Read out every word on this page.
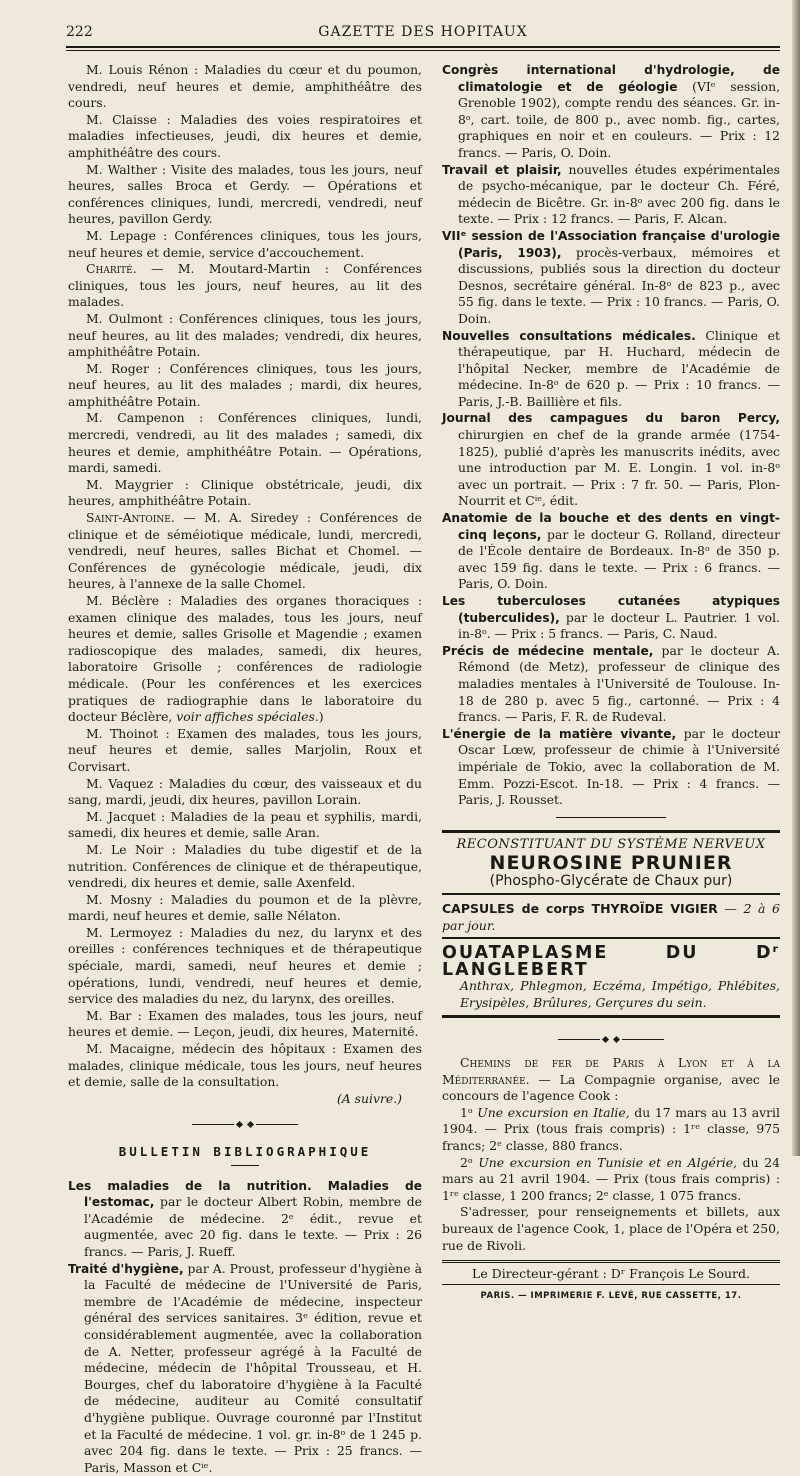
222	GAZETTE DES HOPITAUX

M. Louis Rénon : Maladies du cœur et du poumon, vendredi, neuf heures et demie, amphithéâtre des cours.

M. Claisse : Maladies des voies respiratoires et maladies infectieuses, jeudi, dix heures et demie, amphithéâtre des cours.

M. Walther : Visite des malades, tous les jours, neuf heures, salles Broca et Gerdy. — Opérations et conférences cliniques, lundi, mercredi, vendredi, neuf heures, pavillon Gerdy.

M. Lepage : Conférences cliniques, tous les jours, neuf heures et demie, service d'accouchement.

Charité. — M. Moutard-Martin : Conférences cliniques, tous les jours, neuf heures, au lit des malades.

M. Oulmont : Conférences cliniques, tous les jours, neuf heures, au lit des malades; vendredi, dix heures, amphithéâtre Potain.

M. Roger : Conférences cliniques, tous les jours, neuf heures, au lit des malades ; mardi, dix heures, amphithéâtre Potain.

M. Campenon : Conférences cliniques, lundi, mercredi, vendredi, au lit des malades ; samedi, dix heures et demie, amphithéâtre Potain. — Opérations, mardi, samedi.

M. Maygrier : Clinique obstétricale, jeudi, dix heures, amphithéâtre Potain.

Saint-Antoine. — M. A. Siredey : Conférences de clinique et de séméiotique médicale, lundi, mercredi, vendredi, neuf heures, salles Bichat et Chomel. — Conférences de gynécologie médicale, jeudi, dix heures, à l'annexe de la salle Chomel.

M. Béclère : Maladies des organes thoraciques : examen clinique des malades, tous les jours, neuf heures et demie, salles Grisolle et Magendie ; examen radioscopique des malades, samedi, dix heures, laboratoire Grisolle ; conférences de radiologie médicale. (Pour les conférences et les exercices pratiques de radiographie dans le laboratoire du docteur Béclère, voir affiches spéciales.)

M. Thoinot : Examen des malades, tous les jours, neuf heures et demie, salles Marjolin, Roux et Corvisart.

M. Vaquez : Maladies du cœur, des vaisseaux et du sang, mardi, jeudi, dix heures, pavillon Lorain.

M. Jacquet : Maladies de la peau et syphilis, mardi, samedi, dix heures et demie, salle Aran.

M. Le Noir : Maladies du tube digestif et de la nutrition. Conférences de clinique et de thérapeutique, vendredi, dix heures et demie, salle Axenfeld.

M. Mosny : Maladies du poumon et de la plèvre, mardi, neuf heures et demie, salle Nélaton.

M. Lermoyez : Maladies du nez, du larynx et des oreilles : conférences techniques et de thérapeutique spéciale, mardi, samedi, neuf heures et demie ; opérations, lundi, vendredi, neuf heures et demie, service des maladies du nez, du larynx, des oreilles.

M. Bar : Examen des malades, tous les jours, neuf heures et demie. — Leçon, jeudi, dix heures, Maternité.

M. Macaigne, médecin des hôpitaux : Examen des malades, clinique médicale, tous les jours, neuf heures et demie, salle de la consultation.

(A suivre.)

BULLETIN BIBLIOGRAPHIQUE

Les maladies de la nutrition. Maladies de l'estomac, par le docteur Albert Robin, membre de l'Académie de médecine. 2ᵉ édit., revue et augmentée, avec 20 fig. dans le texte. — Prix : 26 francs. — Paris, J. Rueff.

Traité d'hygiène, par A. Proust, professeur d'hygiène à la Faculté de médecine de l'Université de Paris, membre de l'Académie de médecine, inspecteur général des services sanitaires. 3ᵉ édition, revue et considérablement augmentée, avec la collaboration de A. Netter, professeur agrégé à la Faculté de médecine, médecin de l'hôpital Trousseau, et H. Bourges, chef du laboratoire d'hygiène à la Faculté de médecine, auditeur au Comité consultatif d'hygiène publique. Ouvrage couronné par l'Institut et la Faculté de médecine. 1 vol. gr. in-8ᵒ de 1 245 p. avec 204 fig. dans le texte. — Prix : 25 francs. — Paris, Masson et Cⁱᵉ.

Congrès international d'hydrologie, de climatologie et de géologie (VIᵉ session, Grenoble 1902), compte rendu des séances. Gr. in-8ᵒ, cart. toile, de 800 p., avec nomb. fig., cartes, graphiques en noir et en couleurs. — Prix : 12 francs. — Paris, O. Doin.

Travail et plaisir, nouvelles études expérimentales de psycho-mécanique, par le docteur Ch. Féré, médecin de Bicêtre. Gr. in-8ᵒ avec 200 fig. dans le texte. — Prix : 12 francs. — Paris, F. Alcan.

VIIᵉ session de l'Association française d'urologie (Paris, 1903), procès-verbaux, mémoires et discussions, publiés sous la direction du docteur Desnos, secrétaire général. In-8ᵒ de 823 p., avec 55 fig. dans le texte. — Prix : 10 francs. — Paris, O. Doin.

Nouvelles consultations médicales. Clinique et thérapeutique, par H. Huchard, médecin de l'hôpital Necker, membre de l'Académie de médecine. In-8ᵒ de 620 p. — Prix : 10 francs. — Paris, J.-B. Baillière et fils.

Journal des campagues du baron Percy, chirurgien en chef de la grande armée (1754-1825), publié d'après les manuscrits inédits, avec une introduction par M. E. Longin. 1 vol. in-8ᵒ avec un portrait. — Prix : 7 fr. 50. — Paris, Plon-Nourrit et Cⁱᵉ, édit.

Anatomie de la bouche et des dents en vingt-cinq leçons, par le docteur G. Rolland, directeur de l'École dentaire de Bordeaux. In-8ᵒ de 350 p. avec 159 fig. dans le texte. — Prix : 6 francs. — Paris, O. Doin.

Les tuberculoses cutanées atypiques (tuberculides), par le docteur L. Pautrier. 1 vol. in-8ᵒ. — Prix : 5 francs. — Paris, C. Naud.

Précis de médecine mentale, par le docteur A. Rémond (de Metz), professeur de clinique des maladies mentales à l'Université de Toulouse. In-18 de 280 p. avec 5 fig., cartonné. — Prix : 4 francs. — Paris, F. R. de Rudeval.

L'énergie de la matière vivante, par le docteur Oscar Lœw, professeur de chimie à l'Université impériale de Tokio, avec la collaboration de M. Emm. Pozzi-Escot. In-18. — Prix : 4 francs. — Paris, J. Rousset.

RECONSTITUANT DU SYSTÈME NERVEUX
NEUROSINE PRUNIER
(Phospho-Glycérate de Chaux pur)
CAPSULES de corps THYROÏDE VIGIER — 2 à 6 par jour.
OUATAPLASME DU Dʳ LANGLEBERT
Anthrax, Phlegmon, Eczéma, Impétigo, Phlébites, Erysipèles, Brûlures, Gerçures du sein.

Chemins de fer de Paris à Lyon et à la Méditerranée. — La Compagnie organise, avec le concours de l'agence Cook :

1ᵒ Une excursion en Italie, du 17 mars au 13 avril 1904. — Prix (tous frais compris) : 1ʳᵉ classe, 975 francs; 2ᵉ classe, 880 francs.

2ᵒ Une excursion en Tunisie et en Algérie, du 24 mars au 21 avril 1904. — Prix (tous frais compris) : 1ʳᵉ classe, 1 200 francs; 2ᵉ classe, 1 075 francs.

S'adresser, pour renseignements et billets, aux bureaux de l'agence Cook, 1, place de l'Opéra et 250, rue de Rivoli.

Le Directeur-gérant : Dʳ François Le Sourd.
PARIS. — IMPRIMERIE F. LEVÉ, RUE CASSETTE, 17.
